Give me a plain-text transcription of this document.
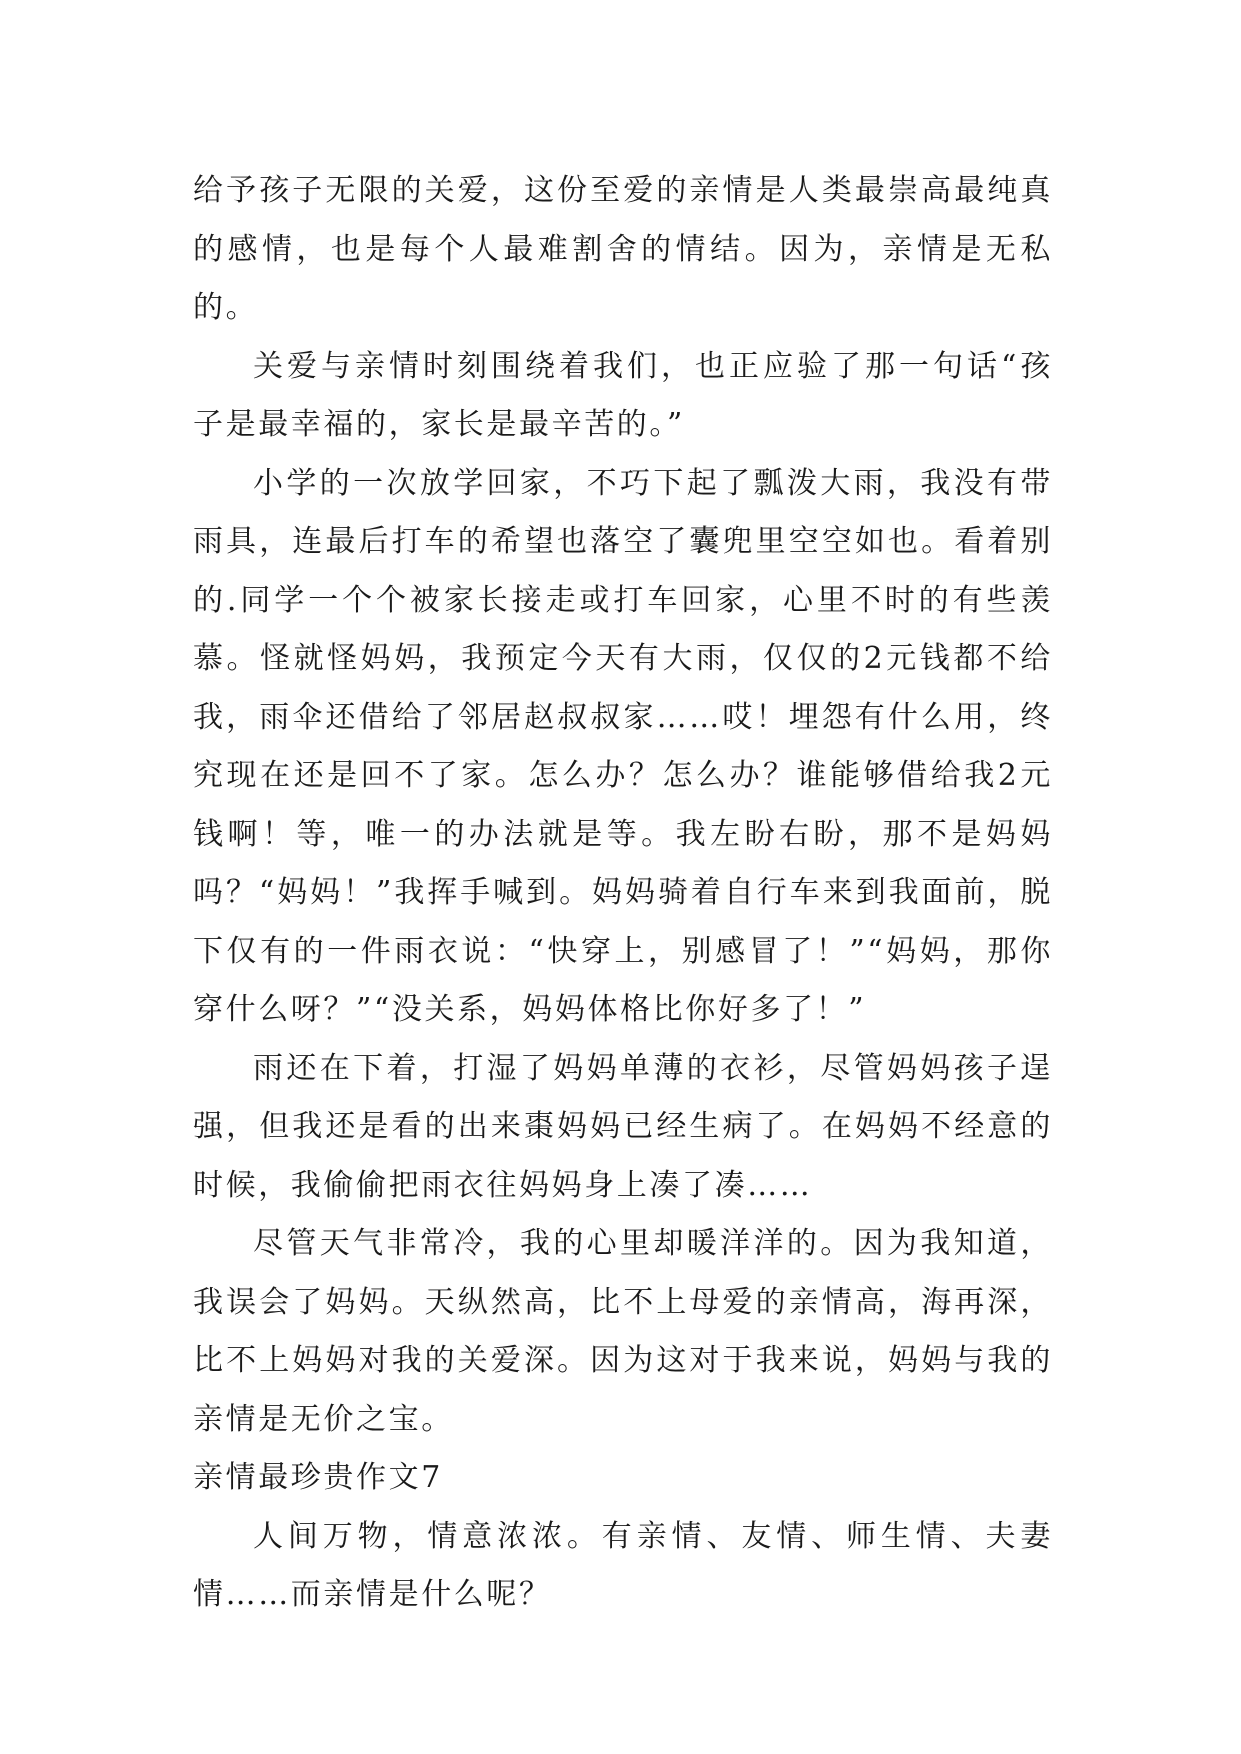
给予孩子无限的关爱，这份至爱的亲情是人类最崇高最纯真的感情，也是每个人最难割舍的情结。因为，亲情是无私的。

关爱与亲情时刻围绕着我们，也正应验了那一句话“孩子是最幸福的，家长是最辛苦的。”

小学的一次放学回家，不巧下起了瓢泼大雨，我没有带雨具，连最后打车的希望也落空了囊兜里空空如也。看着别的.同学一个个被家长接走或打车回家，心里不时的有些羡慕。怪就怪妈妈，我预定今天有大雨，仅仅的2元钱都不给我，雨伞还借给了邻居赵叔叔家……哎！埋怨有什么用，终究现在还是回不了家。怎么办？怎么办？谁能够借给我2元钱啊！等，唯一的办法就是等。我左盼右盼，那不是妈妈吗？“妈妈！”我挥手喊到。妈妈骑着自行车来到我面前，脱下仅有的一件雨衣说：“快穿上，别感冒了！”“妈妈，那你穿什么呀？”“没关系，妈妈体格比你好多了！”

雨还在下着，打湿了妈妈单薄的衣衫，尽管妈妈孩子逞强，但我还是看的出来棗妈妈已经生病了。在妈妈不经意的时候，我偷偷把雨衣往妈妈身上凑了凑……

尽管天气非常冷，我的心里却暖洋洋的。因为我知道，我误会了妈妈。天纵然高，比不上母爱的亲情高，海再深，比不上妈妈对我的关爱深。因为这对于我来说，妈妈与我的亲情是无价之宝。

亲情最珍贵作文7

人间万物，情意浓浓。有亲情、友情、师生情、夫妻情……而亲情是什么呢？
